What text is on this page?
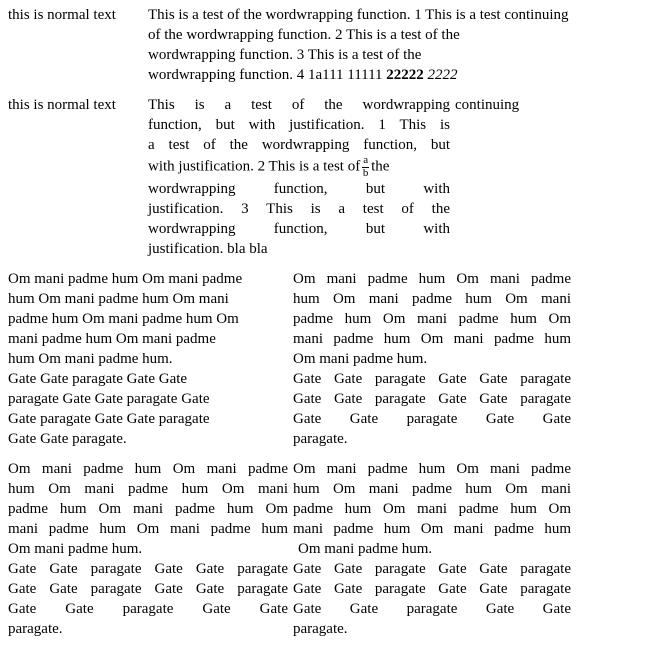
this is normal text	This is a test of the wordwrapping function. 1 This is a test continuing
of the wordwrapping function. 2 This is a test of the
wordwrapping function. 3 This is a test of the
wordwrapping function. 4 1a111 11111 22222 2222
this is normal text	This is a test of the wordwrapping continuing
function, but with justification. 1 This is
a test of the wordwrapping function, but
with justification. 2 This is a test of $\frac{a}{b}$ the
wordwrapping function, but with
justification. 3 This is a test of the
wordwrapping function, but with
justification. bla bla
Om mani padme hum Om mani padme
hum Om mani padme hum Om mani
padme hum Om mani padme hum Om
mani padme hum Om mani padme
hum Om mani padme hum.
Gate Gate paragate Gate Gate
paragate Gate Gate paragate Gate
Gate paragate Gate Gate paragate
Gate Gate paragate.
Om mani padme hum Om mani padme
hum Om mani padme hum Om mani
padme hum Om mani padme hum Om
mani padme hum Om mani padme hum
Om mani padme hum.
Gate Gate paragate Gate Gate paragate
Gate Gate paragate Gate Gate paragate
Gate Gate paragate Gate Gate
paragate.
Om mani padme hum Om mani padme
hum Om mani padme hum Om mani
padme hum Om mani padme hum Om
mani padme hum Om mani padme hum
Om mani padme hum.
Gate Gate paragate Gate Gate paragate
Gate Gate paragate Gate Gate paragate
Gate Gate paragate Gate Gate
paragate.
Om mani padme hum Om mani padme
hum Om mani padme hum Om mani
padme hum Om mani padme hum Om
mani padme hum Om mani padme hum
Om mani padme hum.
Gate Gate paragate Gate Gate paragate
Gate Gate paragate Gate Gate paragate
Gate Gate paragate Gate Gate
paragate.
